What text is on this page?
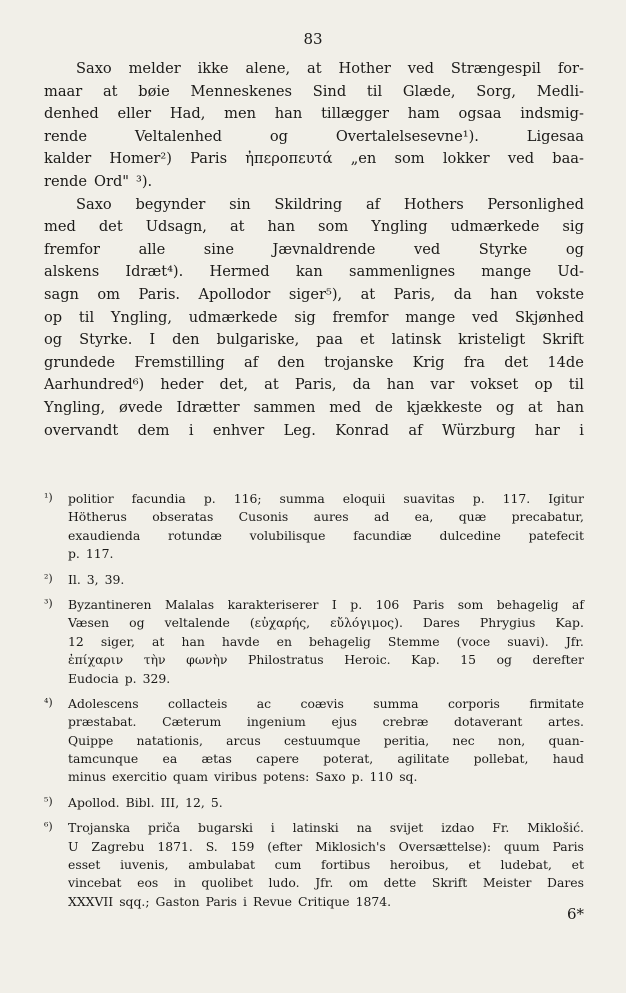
83
Saxo melder ikke alene, at Hother ved Strængespil for-
maar at bøie Menneskenes Sind til Glæde, Sorg, Medli-
denhed eller Had, men han tillægger ham ogsaa indsmig-
rende	Veltalenhed	og	Overtalelsesevne¹).	Ligesaa
kalder Homer²) Paris ἠπεροπευτά „en som lokker ved baa-
rende Ord" ³).
Saxo begynder sin Skildring af Hothers Personlighed
med det Udsagn, at han som Yngling udmærkede sig
fremfor	alle	sine	Jævnaldrende	ved	Styrke	og
alskens Idræt⁴). Hermed kan sammenlignes mange Ud-
sagn om Paris. Apollodor siger⁵), at Paris, da han vokste
op til Yngling, udmærkede sig fremfor mange ved Skjønhed
og Styrke. I den bulgariske, paa et latinsk kristeligt Skrift
grundede Fremstilling af den trojanske Krig fra det 14de
Aarhundred⁶) heder det, at Paris, da han var vokset op til
Yngling, øvede Idrætter sammen med de kjækkeste og at han
overvandt dem i enhver Leg. Konrad af Würzburg har i
¹)	politior facundia p. 116; summa eloquii suavitas p. 117. Igitur
Hötherus obseratas Cusonis aures ad ea, quæ precabatur,
exaudienda rotundæ volubilisque facundiæ dulcedine patefecit
p. 117.
²)	Il. 3, 39.
³)	Byzantineren Malalas karakteriserer I p. 106 Paris som behagelig af
Væsen og veltalende (εὐχαρής, εὔλόγιμος). Dares Phrygius Kap.
12 siger, at han havde en behagelig Stemme (voce suavi). Jfr.
ἐπίχαριν τὴν φωνὴν Philostratus Heroic. Kap. 15 og derefter
Eudocia p. 329.
⁴)	Adolescens collacteis ac coævis summa corporis firmitate
præstabat. Cæterum ingenium ejus crebræ dotaverant artes.
Quippe natationis, arcus cestuumque peritia, nec non, quan-
tamcunque ea ætas capere poterat, agilitate pollebat, haud
minus exercitio quam viribus potens: Saxo p. 110 sq.
⁵)	Apollod. Bibl. III, 12, 5.
⁶)	Trojanska priča bugarski i latinski na svijet izdao Fr. Miklošić.
U Zagrebu 1871. S. 159 (efter Miklosich's Oversættelse): quum Paris
esset iuvenis, ambulabat cum fortibus heroibus, et ludebat, et
vincebat eos in quolibet ludo. Jfr. om dette Skrift Meister Dares
XXXVII sqq.; Gaston Paris i Revue Critique 1874.
6*
